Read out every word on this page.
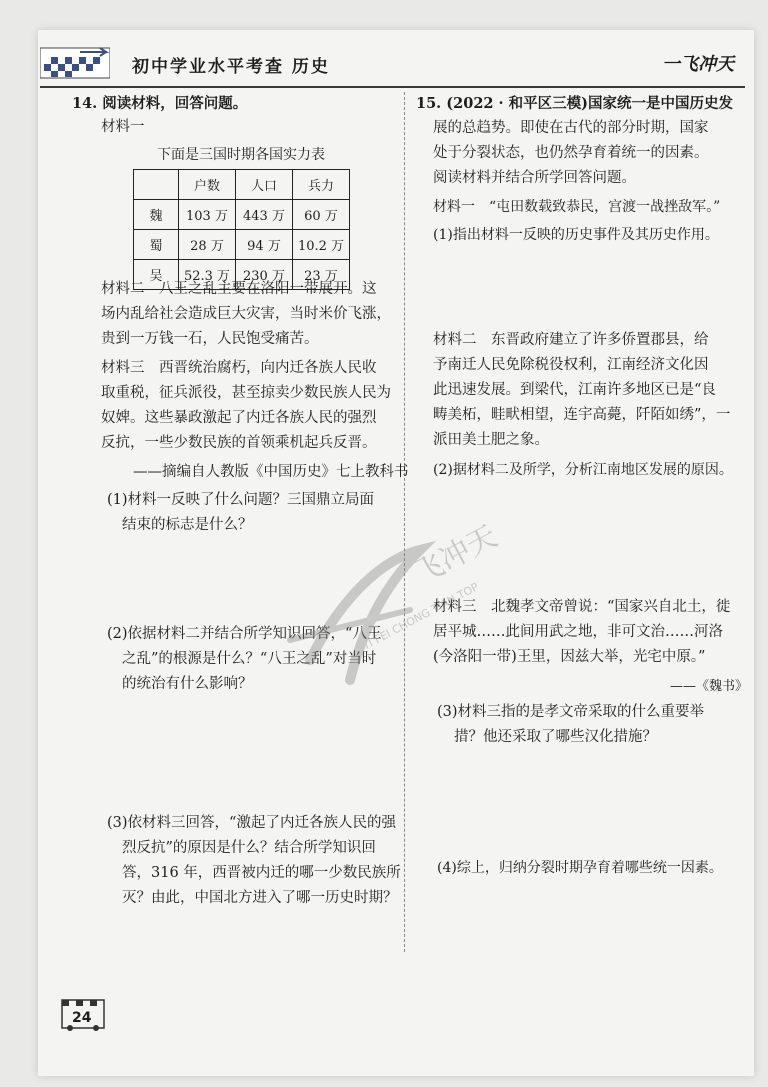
初中学业水平考查 历史	一飞冲天
14. 阅读材料，回答问题。
材料一
下面是三国时期各国实力表
	户数	人口	兵力
魏	103 万	443 万	60 万
蜀	28 万	94 万	10.2 万
吴	52.3 万	230 万	23 万
材料二　八王之乱主要在洛阳一带展开。这
场内乱给社会造成巨大灾害，当时米价飞涨，
贵到一万钱一石，人民饱受痛苦。
材料三　西晋统治腐朽，向内迁各族人民收
取重税，征兵派役，甚至掠卖少数民族人民为
奴婢。这些暴政激起了内迁各族人民的强烈
反抗，一些少数民族的首领乘机起兵反晋。
——摘编自人教版《中国历史》七上教科书
(1)材料一反映了什么问题？三国鼎立局面
结束的标志是什么？
(2)依据材料二并结合所学知识回答，“八王
之乱”的根源是什么？“八王之乱”对当时
的统治有什么影响？
(3)依材料三回答，“激起了内迁各族人民的强
烈反抗”的原因是什么？结合所学知识回
答，316 年，西晋被内迁的哪一少数民族所
灭？由此，中国北方进入了哪一历史时期？
15. (2022 · 和平区三模)国家统一是中国历史发
展的总趋势。即使在古代的部分时期，国家
处于分裂状态，也仍然孕育着统一的因素。
阅读材料并结合所学回答问题。
材料一　“屯田数载致恭民，宫渡一战挫敌军。”
(1)指出材料一反映的历史事件及其历史作用。
材料二　东晋政府建立了许多侨置郡县，给
予南迁人民免除税役权利，江南经济文化因
此迅速发展。到梁代，江南许多地区已是“良
畴美柘，畦畎相望，连宇高薨，阡陌如绣”，一
派田美土肥之象。
(2)据材料二及所学，分析江南地区发展的原因。
材料三　北魏孝文帝曾说：“国家兴自北土，徙
居平城……此间用武之地，非可文治……河洛
(今洛阳一带)王里，因兹大举，光宅中原。”
——《魏书》
(3)材料三指的是孝文帝采取的什么重要举
措？他还采取了哪些汉化措施？
(4)综上，归纳分裂时期孕育着哪些统一因素。
飞冲天
YI FEI CHONG TIAN TOP
24
